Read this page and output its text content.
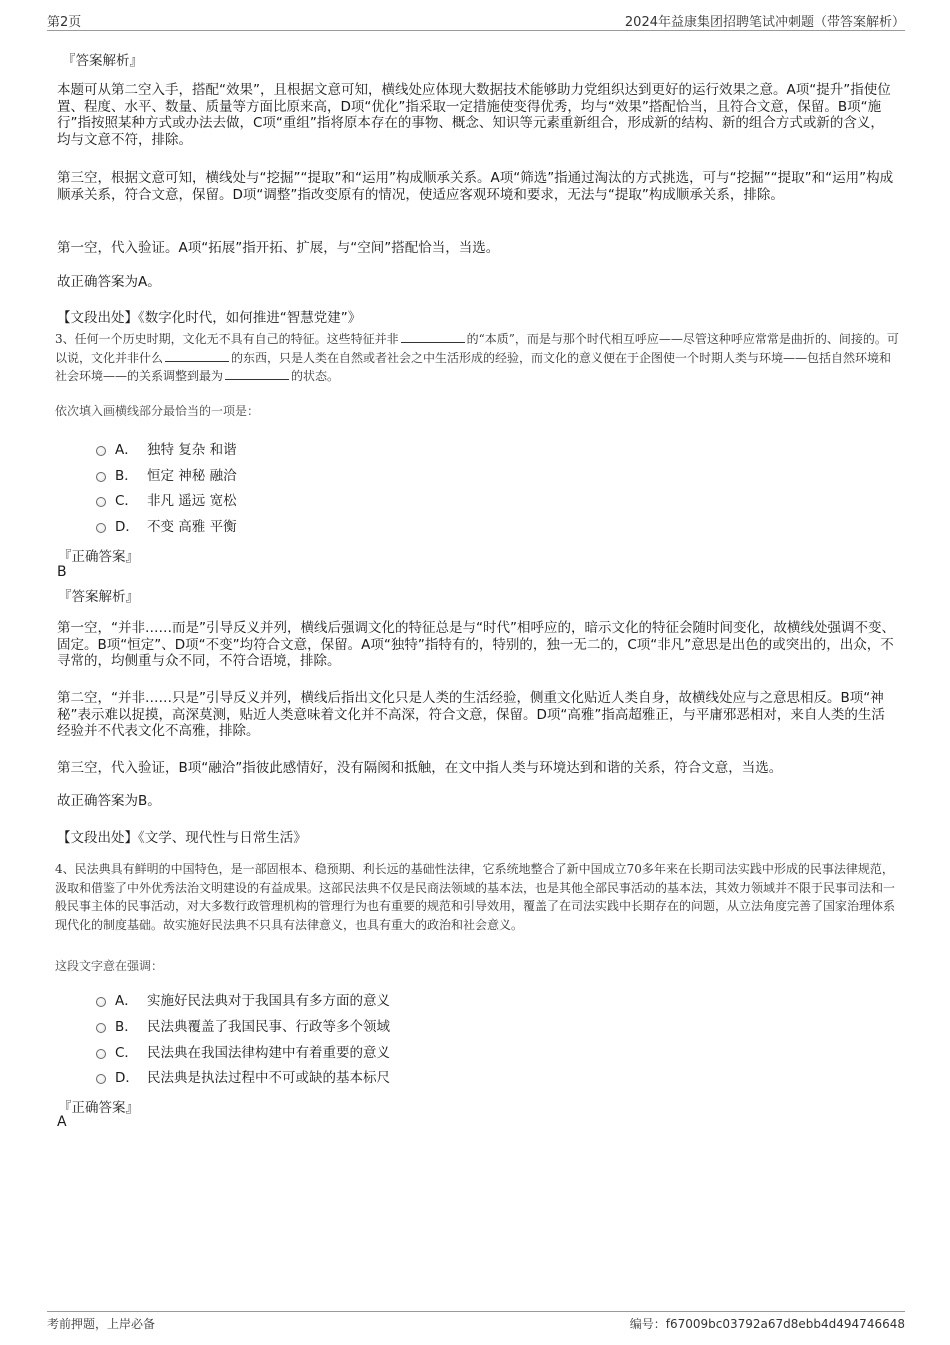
第2页	2024年益康集团招聘笔试冲刺题（带答案解析）
『答案解析』
本题可从第二空入手，搭配“效果”，且根据文意可知，横线处应体现大数据技术能够助力党组织达到更好的运行效果之意。A项“提升”指使位置、程度、水平、数量、质量等方面比原来高，D项“优化”指采取一定措施使变得优秀，均与“效果”搭配恰当，且符合文意，保留。B项“施行”指按照某种方式或办法去做，C项“重组”指将原本存在的事物、概念、知识等元素重新组合，形成新的结构、新的组合方式或新的含义，均与文意不符，排除。
第三空，根据文意可知，横线处与“挖掘”“提取”和“运用”构成顺承关系。A项“筛选”指通过淘汰的方式挑选，可与“挖掘”“提取”和“运用”构成顺承关系，符合文意，保留。D项“调整”指改变原有的情况，使适应客观环境和要求，无法与“提取”构成顺承关系，排除。
第一空，代入验证。A项“拓展”指开拓、扩展，与“空间”搭配恰当，当选。
故正确答案为A。
【文段出处】《数字化时代，如何推进“智慧党建”》
3、任何一个历史时期，文化无不具有自己的特征。这些特征并非	的“本质”，而是与那个时代相互呼应——尽管这种呼应常常是曲折的、间接的。可以说，文化并非什么	的东西，只是人类在自然或者社会之中生活形成的经验，而文化的意义便在于企图使一个时期人类与环境——包括自然环境和社会环境——的关系调整到最为	的状态。
依次填入画横线部分最恰当的一项是：
A． 独特 复杂 和谐
B． 恒定 神秘 融洽
C． 非凡 遥远 宽松
D． 不变 高雅 平衡
『正确答案』
B
『答案解析』
第一空，“并非……而是”引导反义并列，横线后强调文化的特征总是与“时代”相呼应的，暗示文化的特征会随时间变化，故横线处强调不变、固定。B项“恒定”、D项“不变”均符合文意，保留。A项“独特”指特有的，特别的，独一无二的，C项“非凡”意思是出色的或突出的，出众，不寻常的，均侧重与众不同，不符合语境，排除。
第二空，“并非……只是”引导反义并列，横线后指出文化只是人类的生活经验，侧重文化贴近人类自身，故横线处应与之意思相反。B项“神秘”表示难以捉摸，高深莫测，贴近人类意味着文化并不高深，符合文意，保留。D项“高雅”指高超雅正，与平庸邪恶相对，来自人类的生活经验并不代表文化不高雅，排除。
第三空，代入验证，B项“融洽”指彼此感情好，没有隔阂和抵触，在文中指人类与环境达到和谐的关系，符合文意，当选。
故正确答案为B。
【文段出处】《文学、现代性与日常生活》
4、民法典具有鲜明的中国特色，是一部固根本、稳预期、利长远的基础性法律，它系统地整合了新中国成立70多年来在长期司法实践中形成的民事法律规范，汲取和借鉴了中外优秀法治文明建设的有益成果。这部民法典不仅是民商法领域的基本法，也是其他全部民事活动的基本法，其效力领域并不限于民事司法和一般民事主体的民事活动，对大多数行政管理机构的管理行为也有重要的规范和引导效用，覆盖了在司法实践中长期存在的问题，从立法角度完善了国家治理体系现代化的制度基础。故实施好民法典不只具有法律意义，也具有重大的政治和社会意义。
这段文字意在强调：
A． 实施好民法典对于我国具有多方面的意义
B． 民法典覆盖了我国民事、行政等多个领域
C． 民法典在我国法律构建中有着重要的意义
D． 民法典是执法过程中不可或缺的基本标尺
『正确答案』
A
考前押题，上岸必备	编号：f67009bc03792a67d8ebb4d494746648
